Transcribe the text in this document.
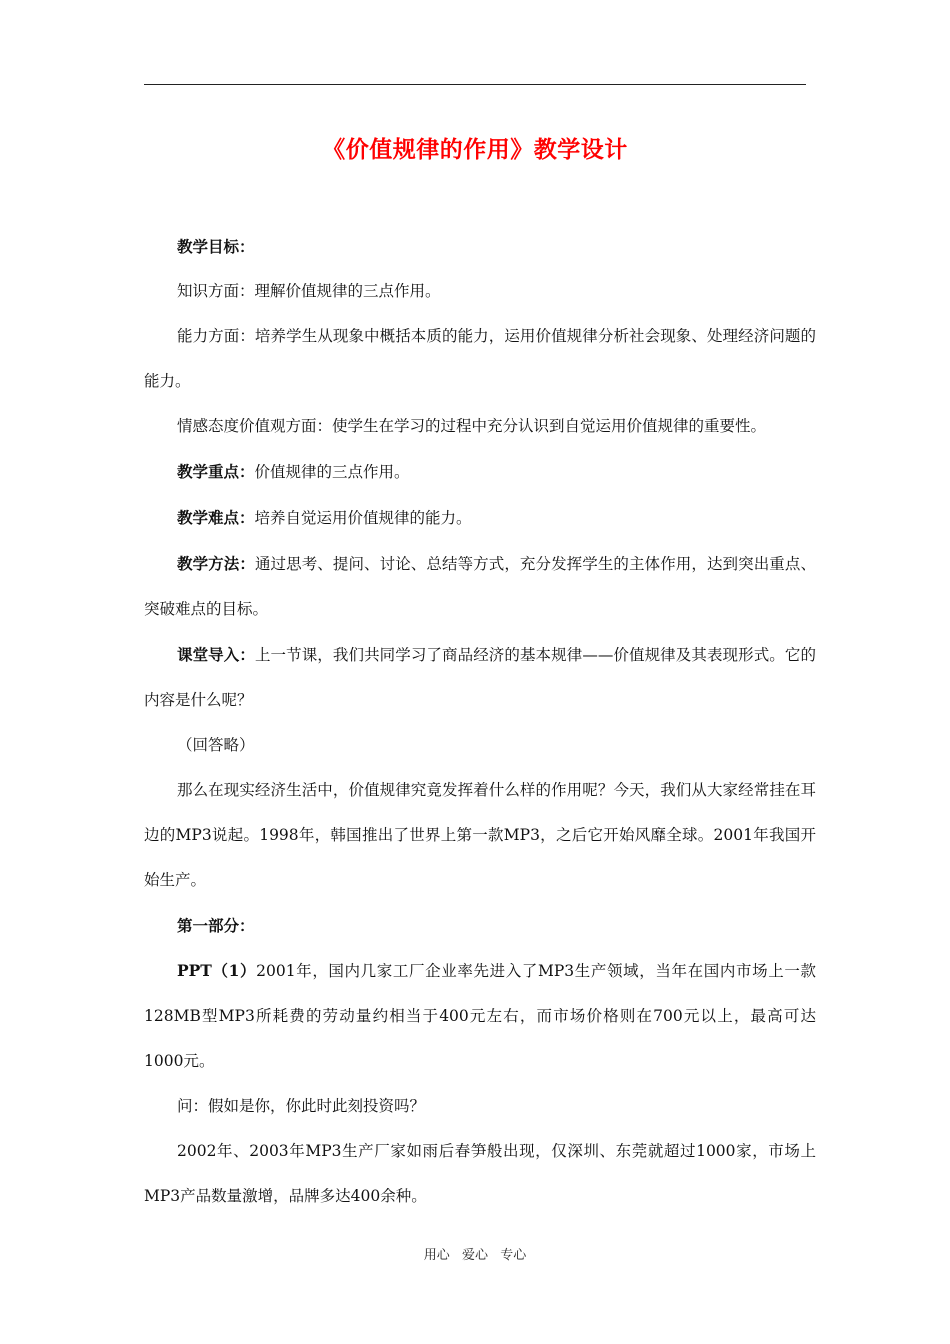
《价值规律的作用》教学设计

教学目标：

知识方面：理解价值规律的三点作用。

能力方面：培养学生从现象中概括本质的能力，运用价值规律分析社会现象、处理经济问题的能力。

情感态度价值观方面：使学生在学习的过程中充分认识到自觉运用价值规律的重要性。

教学重点：价值规律的三点作用。

教学难点：培养自觉运用价值规律的能力。

教学方法：通过思考、提问、讨论、总结等方式，充分发挥学生的主体作用，达到突出重点、突破难点的目标。

课堂导入：上一节课，我们共同学习了商品经济的基本规律——价值规律及其表现形式。它的内容是什么呢？

（回答略）

那么在现实经济生活中，价值规律究竟发挥着什么样的作用呢？今天，我们从大家经常挂在耳边的MP3说起。1998年，韩国推出了世界上第一款MP3，之后它开始风靡全球。2001年我国开始生产。

第一部分：

PPT（1）2001年，国内几家工厂企业率先进入了MP3生产领域，当年在国内市场上一款128MB型MP3所耗费的劳动量约相当于400元左右，而市场价格则在700元以上，最高可达1000元。

问：假如是你，你此时此刻投资吗？

2002年、2003年MP3生产厂家如雨后春笋般出现，仅深圳、东莞就超过1000家，市场上MP3产品数量激增，品牌多达400余种。

用心  爱心  专心
